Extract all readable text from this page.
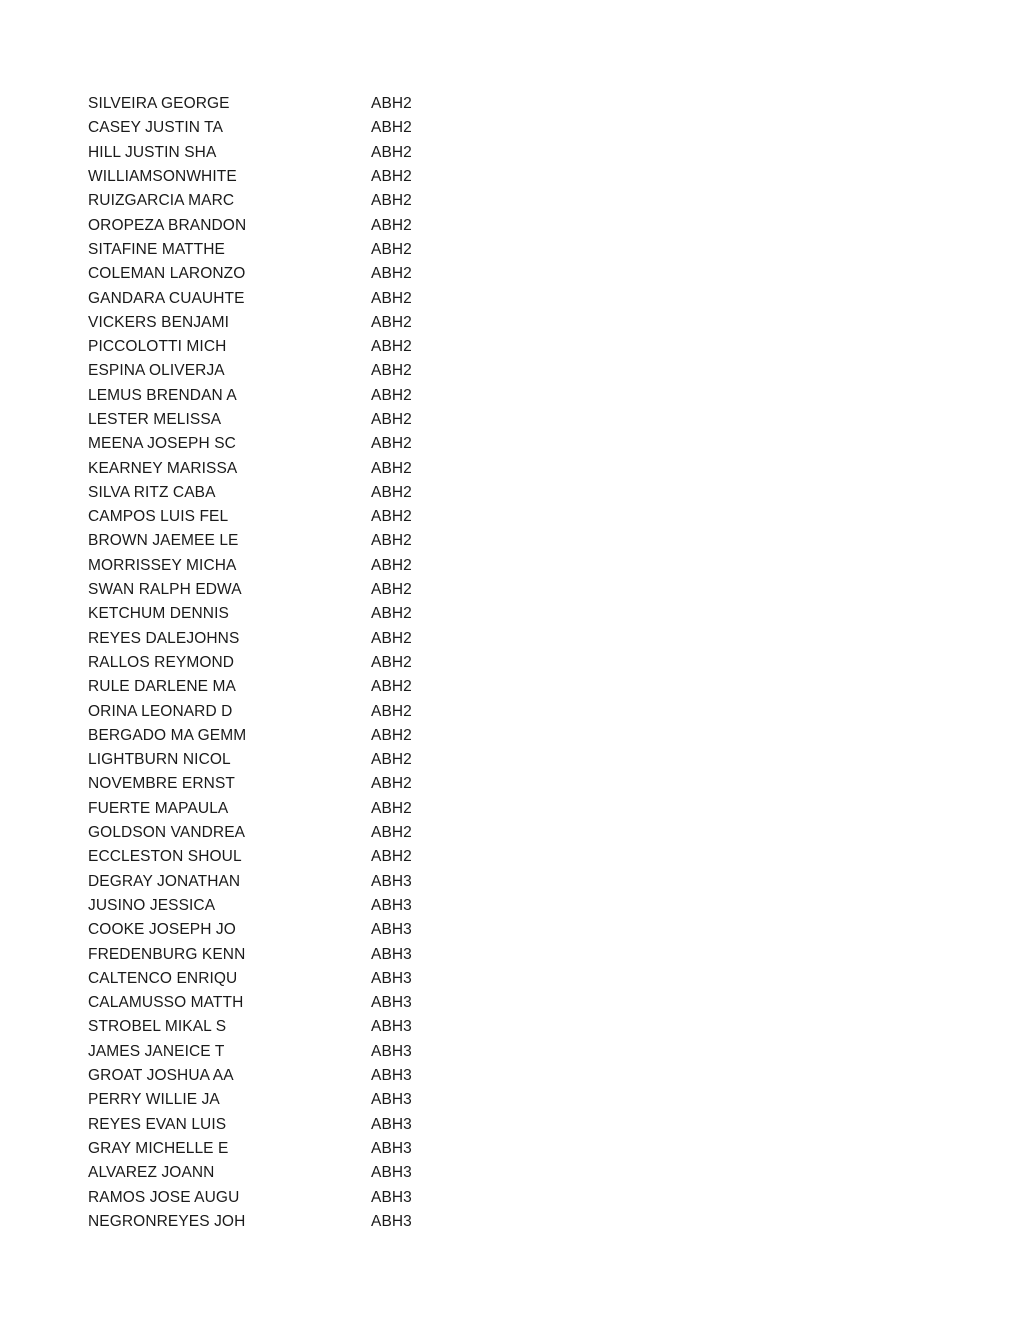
SILVEIRA GEORGE	ABH2
CASEY JUSTIN TA	ABH2
HILL JUSTIN SHA	ABH2
WILLIAMSONWHITE	ABH2
RUIZGARCIA MARC	ABH2
OROPEZA BRANDON	ABH2
SITAFINE MATTHE	ABH2
COLEMAN LARONZO	ABH2
GANDARA CUAUHTE	ABH2
VICKERS BENJAMI	ABH2
PICCOLOTTI MICH	ABH2
ESPINA OLIVERJA	ABH2
LEMUS BRENDAN A	ABH2
LESTER MELISSA	ABH2
MEENA JOSEPH SC	ABH2
KEARNEY MARISSA	ABH2
SILVA RITZ CABA	ABH2
CAMPOS LUIS FEL	ABH2
BROWN JAEMEE LE	ABH2
MORRISSEY MICHA	ABH2
SWAN RALPH EDWA	ABH2
KETCHUM DENNIS	ABH2
REYES DALEJOHNS	ABH2
RALLOS REYMOND	ABH2
RULE DARLENE MA	ABH2
ORINA LEONARD D	ABH2
BERGADO MA GEMM	ABH2
LIGHTBURN NICOL	ABH2
NOVEMBRE ERNST	ABH2
FUERTE MAPAULA	ABH2
GOLDSON VANDREA	ABH2
ECCLESTON SHOUL	ABH2
DEGRAY JONATHAN	ABH3
JUSINO JESSICA	ABH3
COOKE JOSEPH JO	ABH3
FREDENBURG KENN	ABH3
CALTENCO ENRIQU	ABH3
CALAMUSSO MATTH	ABH3
STROBEL MIKAL S	ABH3
JAMES JANEICE T	ABH3
GROAT JOSHUA AA	ABH3
PERRY WILLIE JA	ABH3
REYES EVAN LUIS	ABH3
GRAY MICHELLE E	ABH3
ALVAREZ JOANN	ABH3
RAMOS JOSE AUGU	ABH3
NEGRONREYES JOH	ABH3
